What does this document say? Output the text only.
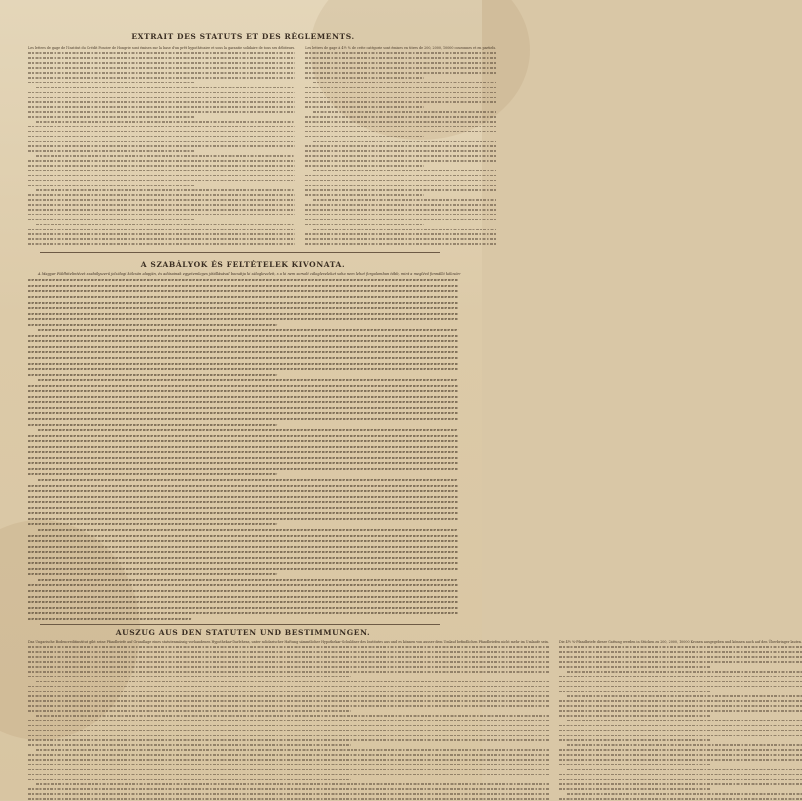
EXTRAIT DES STATUTS ET DES RÈGLEMENTS.
Les lettres de gage de l'Institut du Crédit Foncier de Hongrie sont émises sur la base d'un prêt hypothécaire et sous la garantie solidaire de tous ses débiteurs.	Les lettres de gage à 4½ % de cette catégorie sont émises en titres de 200, 2000, 10000 couronnes et en partiels.
A SZABÁLYOK ÉS FELTÉTELEK KIVONATA.
A Magyar Földhitelintézet szabályszerű jelzálogi kölcsön alapján, és adósainak egyetemleges jótállásával bocsátja ki zálogleveleit, s a ki nem sorsolt zálogleveleket soha nem lehet forgalomban tóbb, mint a meglévő fennálló kölcsön-
AUSZUG AUS DEN STATUTEN UND BESTIMMUNGEN.
Das Ungarische Bodencreditinstitut gibt seine Pfandbriefe auf Grundlage eines statutenmässig vorhandenen Hypothekar-Darlehens, unter solidarischer Haftung sämmtlicher Hypothekar-Schuldner des Institutes aus und es können von ausser dem Umlauf befindlichen Pfandbriefen nicht mehr im Umlaufe sein.	Die 4½ %-Pfandbriefe dieser Gattung werden in Stücken zu 200, 2000, 10000 Kronen ausgegeben und können auch auf den Überbringer lauten.
